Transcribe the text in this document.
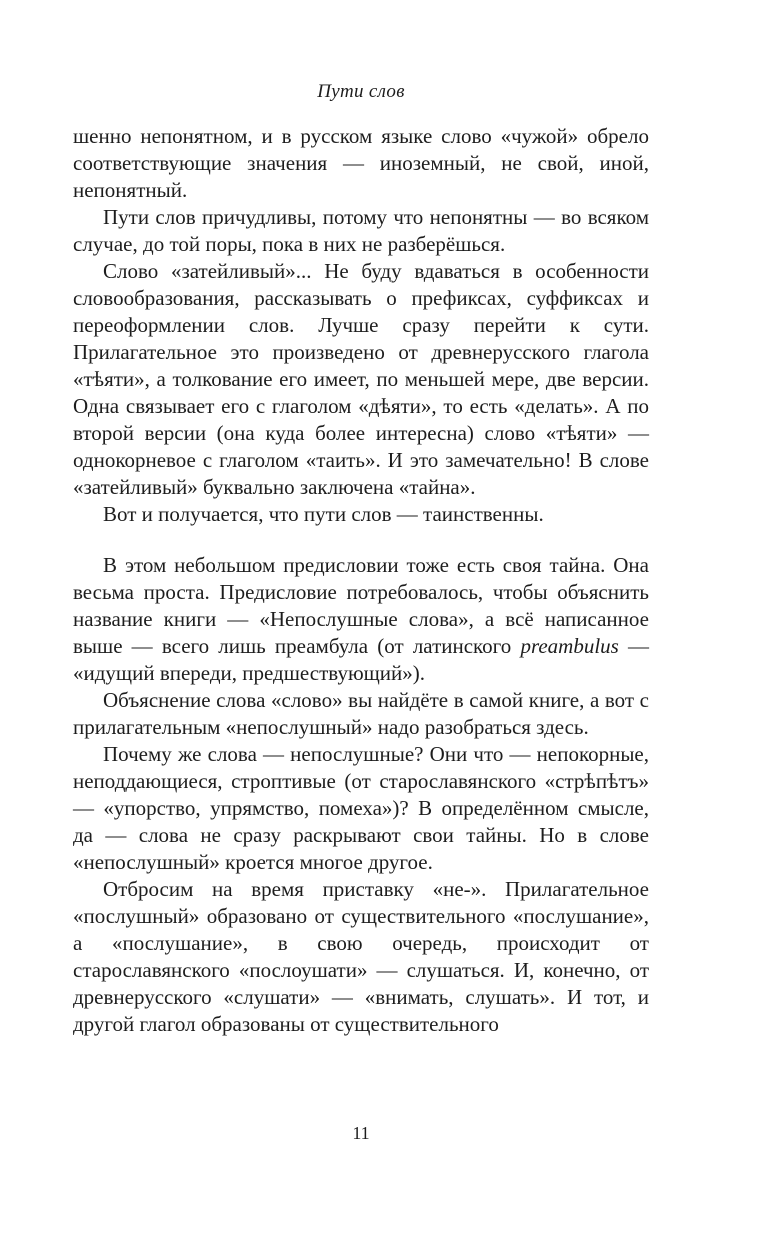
Пути слов

шенно непонятном, и в русском языке слово «чужой» обрело соответствующие значения — иноземный, не свой, иной, непонятный.

Пути слов причудливы, потому что непонятны — во всяком случае, до той поры, пока в них не разберёшься.

Слово «затейливый»... Не буду вдаваться в особенности словообразования, рассказывать о префиксах, суффиксах и переоформлении слов. Лучше сразу перейти к сути. Прилагательное это произведено от древнерусского глагола «тѣяти», а толкование его имеет, по меньшей мере, две версии. Одна связывает его с глаголом «дѣяти», то есть «делать». А по второй версии (она куда более интересна) слово «тѣяти» — однокорневое с глаголом «таить». И это замечательно! В слове «затейливый» буквально заключена «тайна».

Вот и получается, что пути слов — таинственны.

В этом небольшом предисловии тоже есть своя тайна. Она весьма проста. Предисловие потребовалось, чтобы объяснить название книги — «Непослушные слова», а всё написанное выше — всего лишь преамбула (от латинского preambulus — «идущий впереди, предшествующий»).

Объяснение слова «слово» вы найдёте в самой книге, а вот с прилагательным «непослушный» надо разобраться здесь.

Почему же слова — непослушные? Они что — непокорные, неподдающиеся, строптивые (от старославянского «стрѣпѣтъ» — «упорство, упрямство, помеха»)? В определённом смысле, да — слова не сразу раскрывают свои тайны. Но в слове «непослушный» кроется многое другое.

Отбросим на время приставку «не-». Прилагательное «послушный» образовано от существительного «послушание», а «послушание», в свою очередь, происходит от старославянского «послоушати» — слушаться. И, конечно, от древнерусского «слушати» — «внимать, слушать». И тот, и другой глагол образованы от существительного

11
